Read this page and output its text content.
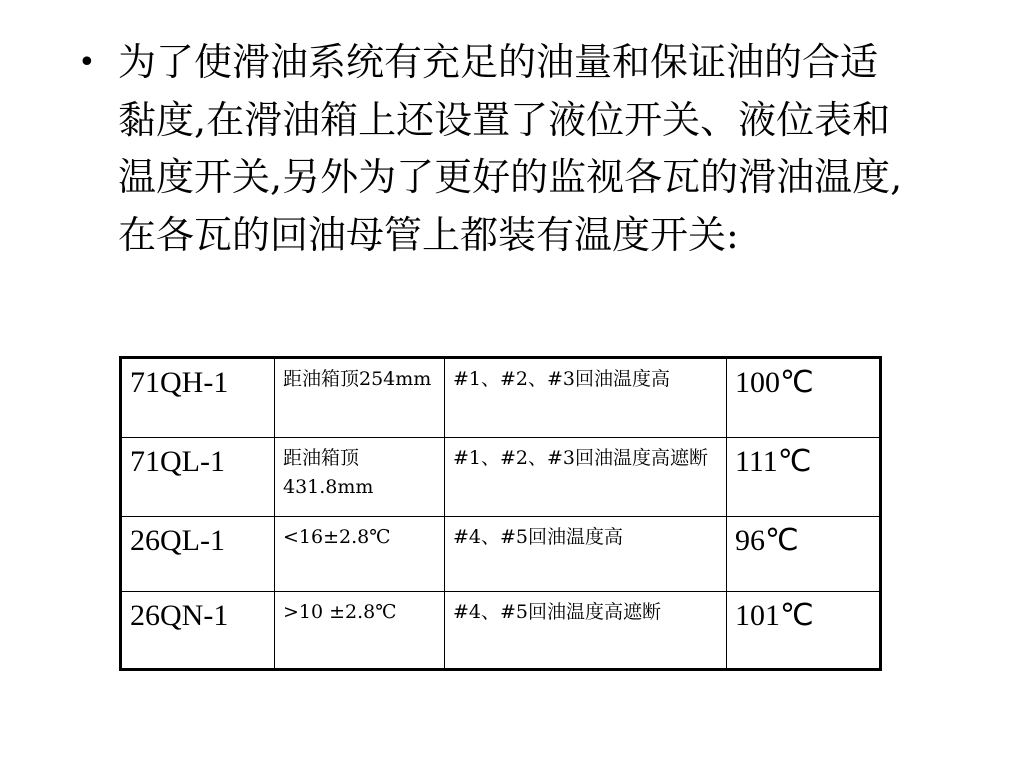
• 为了使滑油系统有充足的油量和保证油的合适黏度,在滑油箱上还设置了液位开关、液位表和温度开关,另外为了更好的监视各瓦的滑油温度,在各瓦的回油母管上都装有温度开关:
71QH-1	距油箱顶254mm	#1、#2、#3回油温度高	100℃
71QL-1	距油箱顶431.8mm	#1、#2、#3回油温度高遮断	111℃
26QL-1	<16±2.8℃	#4、#5回油温度高	96℃
26QN-1	>10 ±2.8℃	#4、#5回油温度高遮断	101℃
